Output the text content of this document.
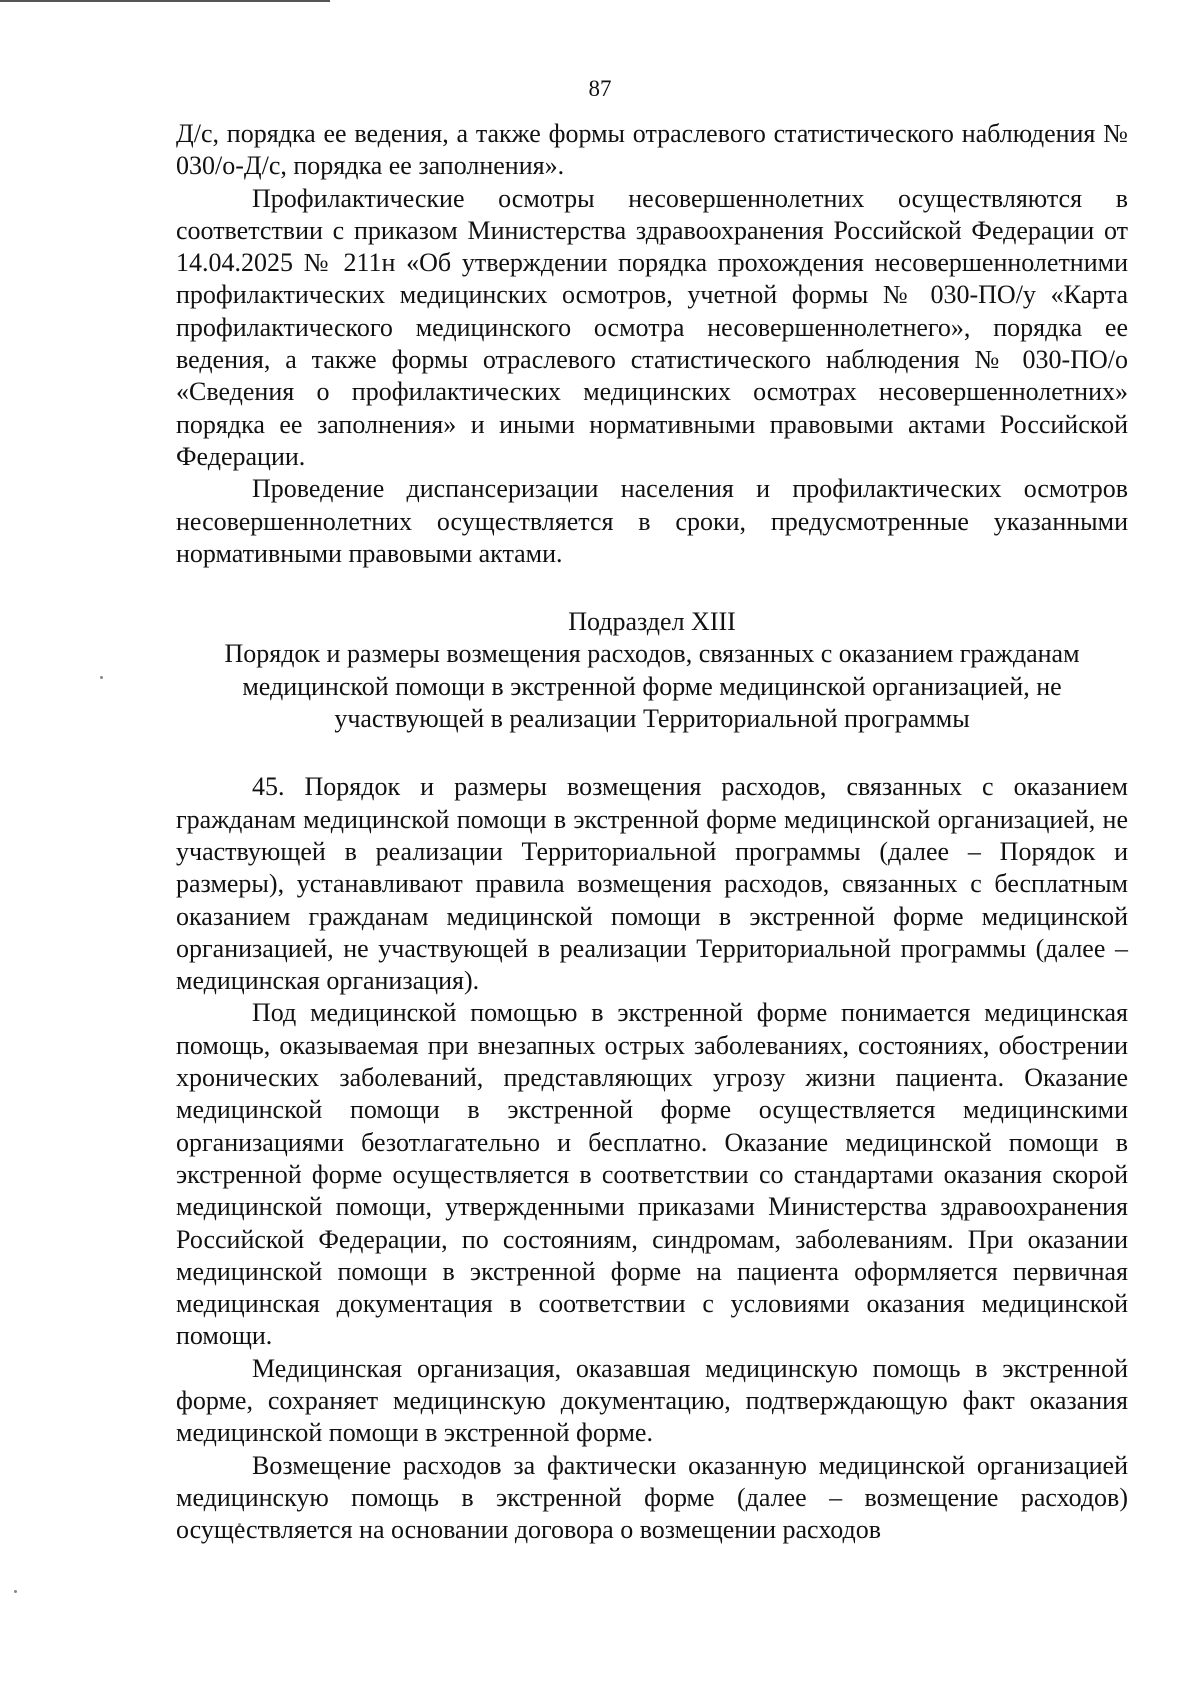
87

Д/с, порядка ее ведения, а также формы отраслевого статистического наблюдения № 030/о-Д/с, порядка ее заполнения».

Профилактические осмотры несовершеннолетних осуществляются в соответствии с приказом Министерства здравоохранения Российской Федерации от 14.04.2025 № 211н «Об утверждении порядка прохождения несовершеннолетними профилактических медицинских осмотров, учетной формы № 030-ПО/у «Карта профилактического медицинского осмотра несовершеннолетнего», порядка ее ведения, а также формы отраслевого статистического наблюдения № 030-ПО/о «Сведения о профилактических медицинских осмотрах несовершеннолетних» порядка ее заполнения» и иными нормативными правовыми актами Российской Федерации.

Проведение диспансеризации населения и профилактических осмотров несовершеннолетних осуществляется в сроки, предусмотренные указанными нормативными правовыми актами.

Подраздел XIII
Порядок и размеры возмещения расходов, связанных с оказанием гражданам
медицинской помощи в экстренной форме медицинской организацией, не
участвующей в реализации Территориальной программы

45. Порядок и размеры возмещения расходов, связанных с оказанием гражданам медицинской помощи в экстренной форме медицинской организацией, не участвующей в реализации Территориальной программы (далее – Порядок и размеры), устанавливают правила возмещения расходов, связанных с бесплатным оказанием гражданам медицинской помощи в экстренной форме медицинской организацией, не участвующей в реализации Территориальной программы (далее – медицинская организация).

Под медицинской помощью в экстренной форме понимается медицинская помощь, оказываемая при внезапных острых заболеваниях, состояниях, обострении хронических заболеваний, представляющих угрозу жизни пациента. Оказание медицинской помощи в экстренной форме осуществляется медицинскими организациями безотлагательно и бесплатно. Оказание медицинской помощи в экстренной форме осуществляется в соответствии со стандартами оказания скорой медицинской помощи, утвержденными приказами Министерства здравоохранения Российской Федерации, по состояниям, синдромам, заболеваниям. При оказании медицинской помощи в экстренной форме на пациента оформляется первичная медицинская документация в соответствии с условиями оказания медицинской помощи.

Медицинская организация, оказавшая медицинскую помощь в экстренной форме, сохраняет медицинскую документацию, подтверждающую факт оказания медицинской помощи в экстренной форме.

Возмещение расходов за фактически оказанную медицинской организацией медицинскую помощь в экстренной форме (далее – возмещение расходов) осуществляется на основании договора о возмещении расходов
